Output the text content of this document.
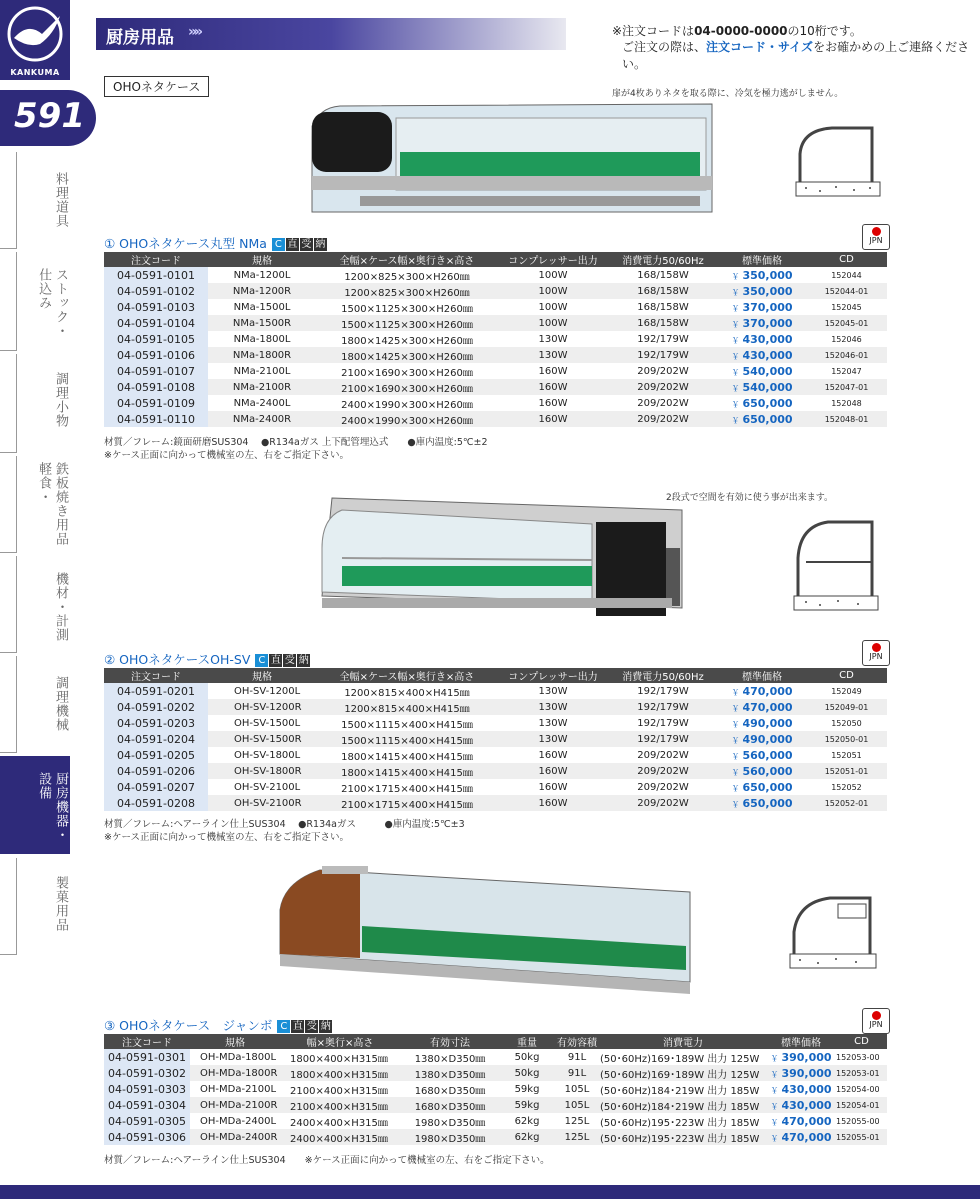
KANKUMA
591
料理道具
ストック・仕込み
調理小物
鉄板焼き用品 軽食・
機材・計測
調理機械
厨房機器・設備
製菓用品
厨房用品 »»	※注文コードは04-0000-0000の10桁です。
ご注文の際は、注文コード・サイズをお確かめの上ご連絡ください。
OHOネタケース	扉が4枚ありネタを取る際に、冷気を極力逃がしません。
① OHOネタケース丸型 NMa C 直 受 納	JPN
注文コード	規格	全幅×ケース幅×奥行き×高さ	コンプレッサー出力	消費電力50/60Hz	標準価格	CD
04-0591-0101	NMa-1200L	1200×825×300×H260㎜	100W	168/158W	￥ 350,000	152044
04-0591-0102	NMa-1200R	1200×825×300×H260㎜	100W	168/158W	￥ 350,000	152044-01
04-0591-0103	NMa-1500L	1500×1125×300×H260㎜	100W	168/158W	￥ 370,000	152045
04-0591-0104	NMa-1500R	1500×1125×300×H260㎜	100W	168/158W	￥ 370,000	152045-01
04-0591-0105	NMa-1800L	1800×1425×300×H260㎜	130W	192/179W	￥ 430,000	152046
04-0591-0106	NMa-1800R	1800×1425×300×H260㎜	130W	192/179W	￥ 430,000	152046-01
04-0591-0107	NMa-2100L	2100×1690×300×H260㎜	160W	209/202W	￥ 540,000	152047
04-0591-0108	NMa-2100R	2100×1690×300×H260㎜	160W	209/202W	￥ 540,000	152047-01
04-0591-0109	NMa-2400L	2400×1990×300×H260㎜	160W	209/202W	￥ 650,000	152048
04-0591-0110	NMa-2400R	2400×1990×300×H260㎜	160W	209/202W	￥ 650,000	152048-01
材質／フレーム:鏡面研磨SUS304　 ●R134aガス 上下配管埋込式　　●庫内温度:5℃±2
※ケース正面に向かって機械室の左、右をご指定下さい。
2段式で空間を有効に使う事が出来ます。
② OHOネタケースOH-SV C 直 受 納	JPN
注文コード	規格	全幅×ケース幅×奥行き×高さ	コンプレッサー出力	消費電力50/60Hz	標準価格	CD
04-0591-0201	OH-SV-1200L	1200×815×400×H415㎜	130W	192/179W	￥ 470,000	152049
04-0591-0202	OH-SV-1200R	1200×815×400×H415㎜	130W	192/179W	￥ 470,000	152049-01
04-0591-0203	OH-SV-1500L	1500×1115×400×H415㎜	130W	192/179W	￥ 490,000	152050
04-0591-0204	OH-SV-1500R	1500×1115×400×H415㎜	130W	192/179W	￥ 490,000	152050-01
04-0591-0205	OH-SV-1800L	1800×1415×400×H415㎜	160W	209/202W	￥ 560,000	152051
04-0591-0206	OH-SV-1800R	1800×1415×400×H415㎜	160W	209/202W	￥ 560,000	152051-01
04-0591-0207	OH-SV-2100L	2100×1715×400×H415㎜	160W	209/202W	￥ 650,000	152052
04-0591-0208	OH-SV-2100R	2100×1715×400×H415㎜	160W	209/202W	￥ 650,000	152052-01
材質／フレーム:ヘアーライン仕上SUS304　 ●R134aガス　　　●庫内温度:5℃±3
※ケース正面に向かって機械室の左、右をご指定下さい。
③ OHOネタケース　ジャンボ C 直 受 納	JPN
注文コード	規格	幅×奥行×高さ	有効寸法	重量	有効容積	消費電力	標準価格	CD
04-0591-0301	OH-MDa-1800L	1800×400×H315㎜	1380×D350㎜	50kg	91L	(50･60Hz)169･189W 出力 125W	￥ 390,000	152053-00
04-0591-0302	OH-MDa-1800R	1800×400×H315㎜	1380×D350㎜	50kg	91L	(50･60Hz)169･189W 出力 125W	￥ 390,000	152053-01
04-0591-0303	OH-MDa-2100L	2100×400×H315㎜	1680×D350㎜	59kg	105L	(50･60Hz)184･219W 出力 185W	￥ 430,000	152054-00
04-0591-0304	OH-MDa-2100R	2100×400×H315㎜	1680×D350㎜	59kg	105L	(50･60Hz)184･219W 出力 185W	￥ 430,000	152054-01
04-0591-0305	OH-MDa-2400L	2400×400×H315㎜	1980×D350㎜	62kg	125L	(50･60Hz)195･223W 出力 185W	￥ 470,000	152055-00
04-0591-0306	OH-MDa-2400R	2400×400×H315㎜	1980×D350㎜	62kg	125L	(50･60Hz)195･223W 出力 185W	￥ 470,000	152055-01
材質／フレーム:ヘアーライン仕上SUS304　　※ケース正面に向かって機械室の左、右をご指定下さい。
